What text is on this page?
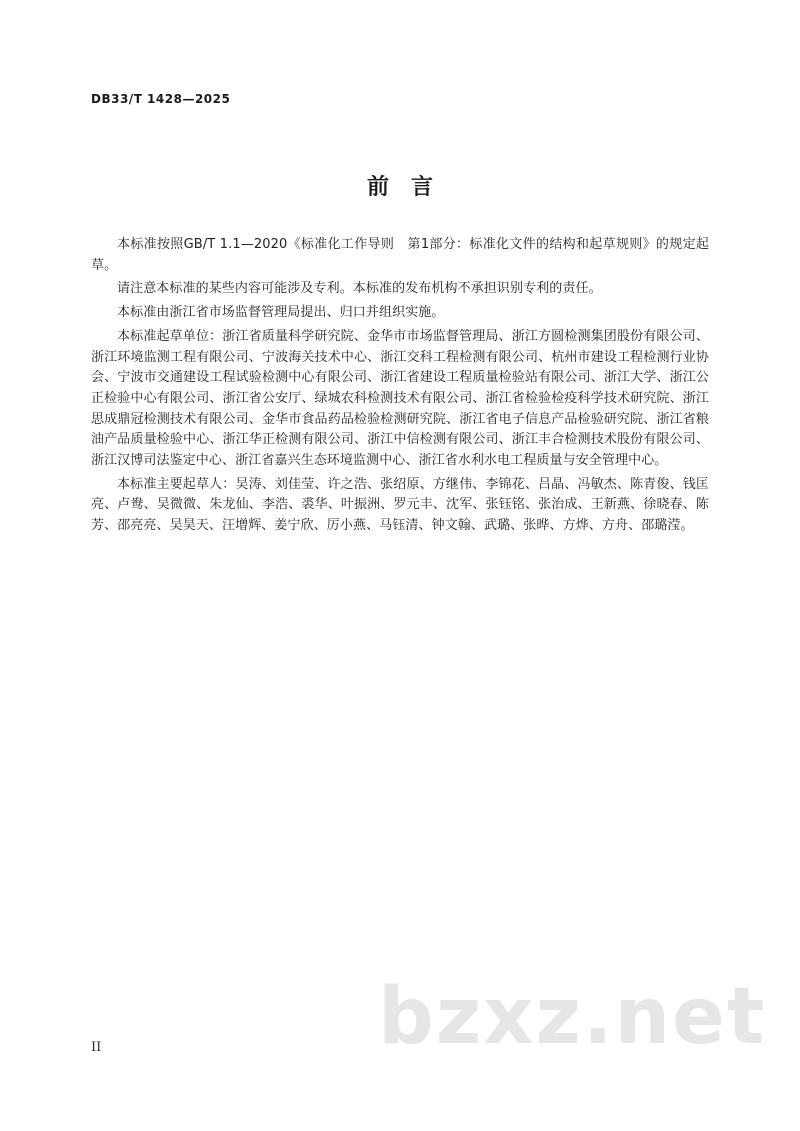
DB33/T 1428—2025
前 言

本标准按照GB/T 1.1—2020《标准化工作导则　第1部分：标准化文件的结构和起草规则》的规定起草。

请注意本标准的某些内容可能涉及专利。本标准的发布机构不承担识别专利的责任。

本标准由浙江省市场监督管理局提出、归口并组织实施。

本标准起草单位：浙江省质量科学研究院、金华市市场监督管理局、浙江方圆检测集团股份有限公司、浙江环境监测工程有限公司、宁波海关技术中心、浙江交科工程检测有限公司、杭州市建设工程检测行业协会、宁波市交通建设工程试验检测中心有限公司、浙江省建设工程质量检验站有限公司、浙江大学、浙江公正检验中心有限公司、浙江省公安厅、绿城农科检测技术有限公司、浙江省检验检疫科学技术研究院、浙江思成鼎冠检测技术有限公司、金华市食品药品检验检测研究院、浙江省电子信息产品检验研究院、浙江省粮油产品质量检验中心、浙江华正检测有限公司、浙江中信检测有限公司、浙江丰合检测技术股份有限公司、浙江汉博司法鉴定中心、浙江省嘉兴生态环境监测中心、浙江省水利水电工程质量与安全管理中心。

本标准主要起草人：吴涛、刘佳莹、许之浩、张绍原、方继伟、李锦花、吕晶、冯敏杰、陈青俊、钱匡亮、卢鸯、吴微微、朱龙仙、李浩、裘华、叶振洲、罗元丰、沈军、张钰铭、张治成、王新燕、徐晓春、陈芳、邵亮亮、吴昊天、汪增辉、姜宁欣、厉小燕、马钰清、钟文翰、武璐、张晔、方烨、方舟、邵璐滢。

II	bzxz.net
